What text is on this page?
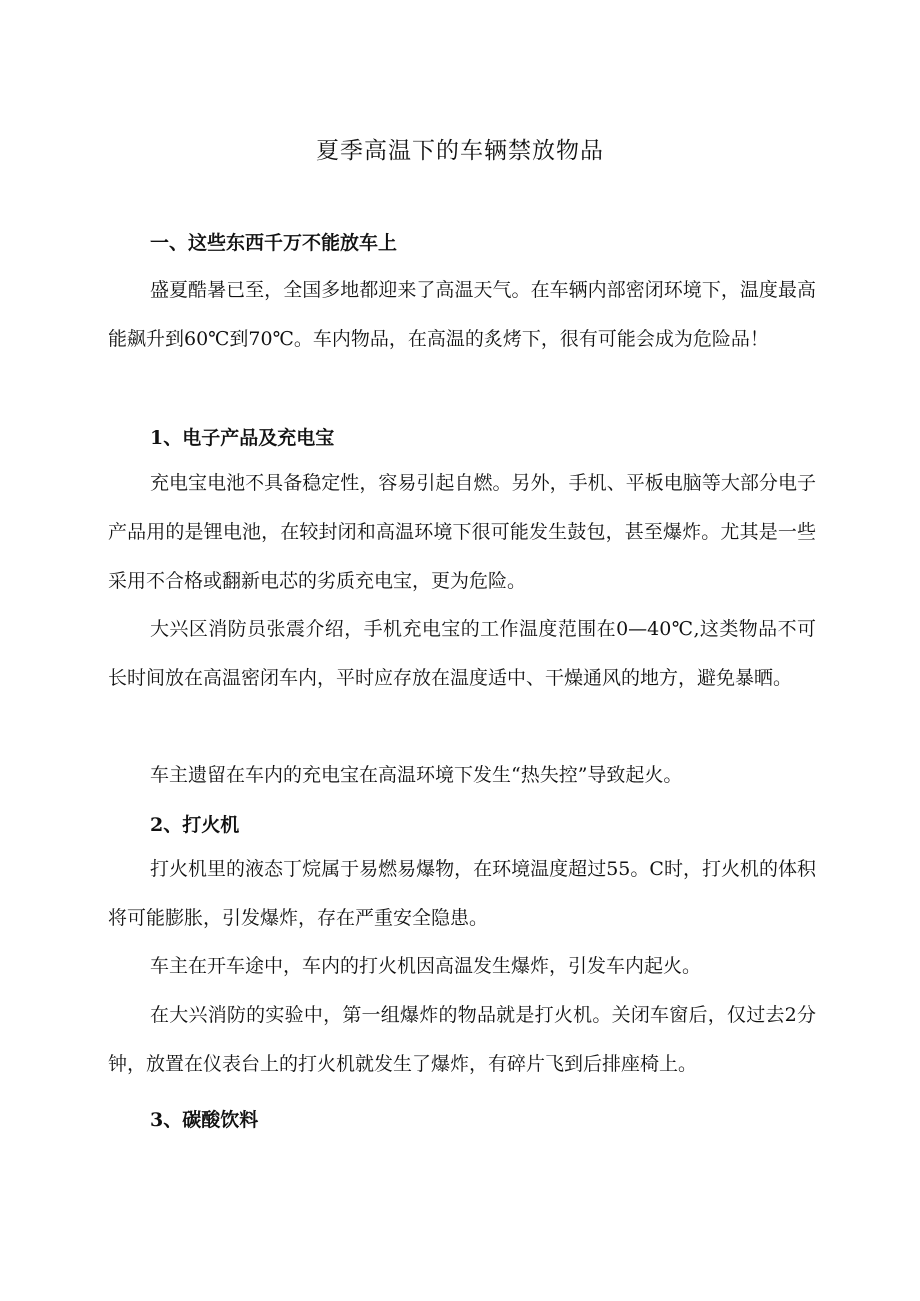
夏季高温下的车辆禁放物品
一、这些东西千万不能放车上

盛夏酷暑已至，全国多地都迎来了高温天气。在车辆内部密闭环境下，温度最高能飙升到60℃到70℃。车内物品，在高温的炙烤下，很有可能会成为危险品！

1、电子产品及充电宝

充电宝电池不具备稳定性，容易引起自燃。另外，手机、平板电脑等大部分电子产品用的是锂电池，在较封闭和高温环境下很可能发生鼓包，甚至爆炸。尤其是一些采用不合格或翻新电芯的劣质充电宝，更为危险。

大兴区消防员张震介绍，手机充电宝的工作温度范围在0—40℃,这类物品不可长时间放在高温密闭车内，平时应存放在温度适中、干燥通风的地方，避免暴晒。

车主遗留在车内的充电宝在高温环境下发生“热失控”导致起火。

2、打火机

打火机里的液态丁烷属于易燃易爆物，在环境温度超过55。C时，打火机的体积将可能膨胀，引发爆炸，存在严重安全隐患。

车主在开车途中，车内的打火机因高温发生爆炸，引发车内起火。

在大兴消防的实验中，第一组爆炸的物品就是打火机。关闭车窗后，仅过去2分钟，放置在仪表台上的打火机就发生了爆炸，有碎片飞到后排座椅上。

3、碳酸饮料
